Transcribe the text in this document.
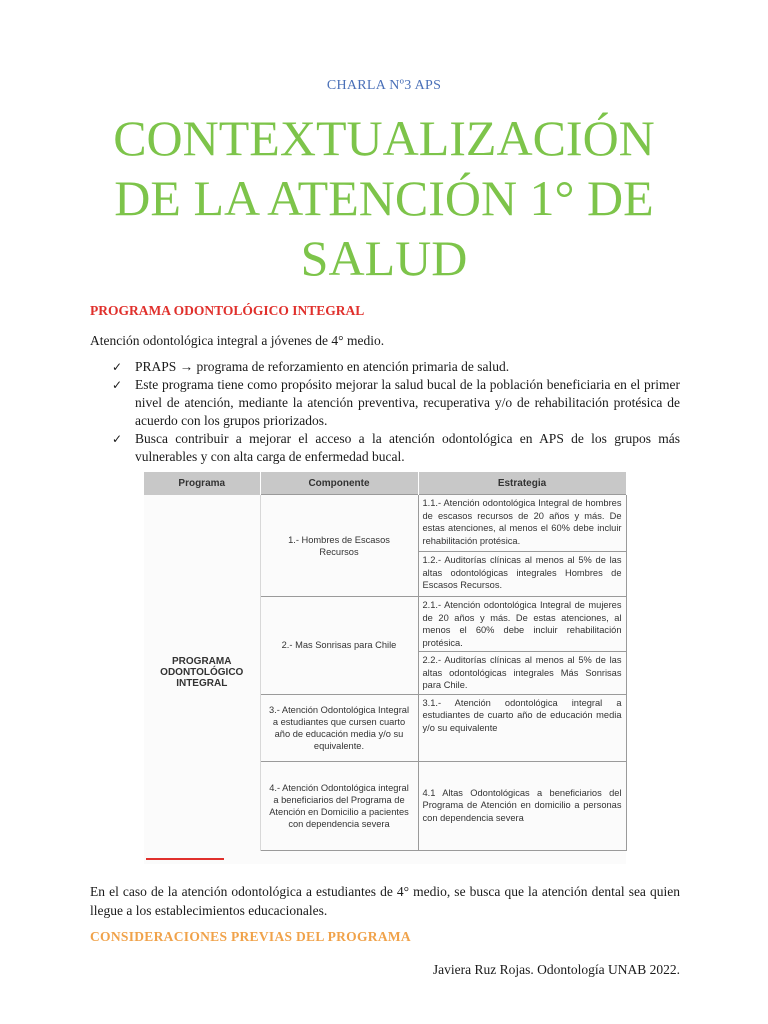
CHARLA Nº3 APS
CONTEXTUALIZACIÓN
DE LA ATENCIÓN 1° DE
SALUD
PROGRAMA ODONTOLÓGICO INTEGRAL
Atención odontológica integral a jóvenes de 4° medio.
✓ PRAPS → programa de reforzamiento en atención primaria de salud.
✓ Este programa tiene como propósito mejorar la salud bucal de la población beneficiaria en el primer nivel de atención, mediante la atención preventiva, recuperativa y/o de rehabilitación protésica de acuerdo con los grupos priorizados.
✓ Busca contribuir a mejorar el acceso a la atención odontológica en APS de los grupos más vulnerables y con alta carga de enfermedad bucal.
Programa	Componente	Estrategia
PROGRAMA ODONTOLÓGICO INTEGRAL	1.- Hombres de Escasos Recursos	1.1.- Atención odontológica Integral de hombres de escasos recursos de 20 años y más. De estas atenciones, al menos el 60% debe incluir rehabilitación protésica.
		1.2.- Auditorías clínicas al menos al 5% de las altas odontológicas integrales Hombres de Escasos Recursos.
	2.- Mas Sonrisas para Chile	2.1.- Atención odontológica Integral de mujeres de 20 años y más. De estas atenciones, al menos el 60% debe incluir rehabilitación protésica.
		2.2.- Auditorías clínicas al menos al 5% de las altas odontológicas integrales Más Sonrisas para Chile.
	3.- Atención Odontológica Integral a estudiantes que cursen cuarto año de educación media y/o su equivalente.	3.1.- Atención odontológica integral a estudiantes de cuarto año de educación media y/o su equivalente
	4.- Atención Odontológica integral a beneficiarios del Programa de Atención en Domicilio a pacientes con dependencia severa	4.1 Altas Odontológicas a beneficiarios del Programa de Atención en domicilio a personas con dependencia severa
En el caso de la atención odontológica a estudiantes de 4° medio, se busca que la atención dental sea quien llegue a los establecimientos educacionales.
CONSIDERACIONES PREVIAS DEL PROGRAMA
Javiera Ruz Rojas. Odontología UNAB 2022.
